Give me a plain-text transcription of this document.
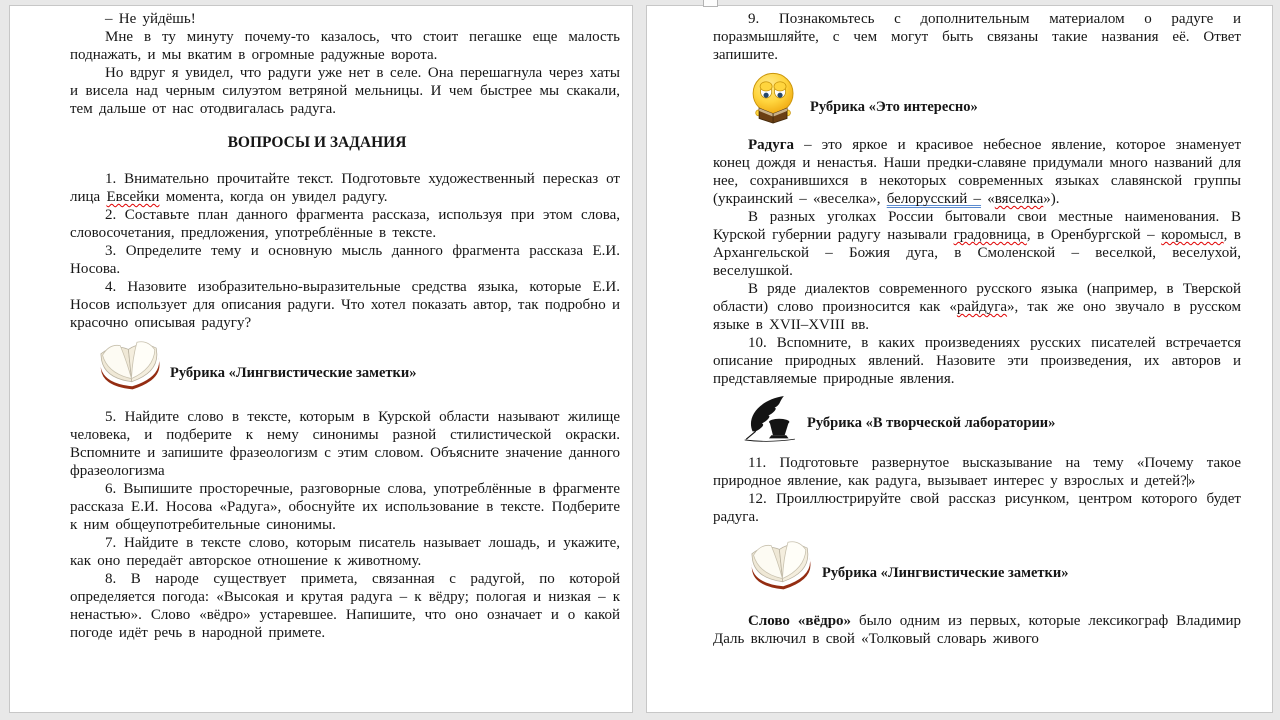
– Не уйдёшь!

Мне в ту минуту почему-то казалось, что стоит пегашке еще малость поднажать, и мы вкатим в огромные радужные ворота.

Но вдруг я увидел, что радуги уже нет в селе. Она перешагнула через хаты и висела над черным силуэтом ветряной мельницы. И чем быстрее мы скакали, тем дальше от нас отодвигалась радуга.

ВОПРОСЫ И ЗАДАНИЯ

1. Внимательно прочитайте текст. Подготовьте художественный пересказ от лица Евсейки момента, когда он увидел радугу.

2. Составьте план данного фрагмента рассказа, используя при этом слова, словосочетания, предложения, употреблённые в тексте.

3. Определите тему и основную мысль данного фрагмента рассказа Е.И. Носова.

4. Назовите изобразительно-выразительные средства языка, которые Е.И. Носов использует для описания радуги. Что хотел показать автор, так подробно и красочно описывая радугу?

Рубрика «Лингвистические заметки»

5. Найдите слово в тексте, которым в Курской области называют жилище человека, и подберите к нему синонимы разной стилистической окраски. Вспомните и запишите фразеологизм с этим словом. Объясните значение данного фразеологизма

6. Выпишите просторечные, разговорные слова, употреблённые в фрагменте рассказа Е.И. Носова «Радуга», обоснуйте их использование в тексте. Подберите к ним общеупотребительные синонимы.

7. Найдите в тексте слово, которым писатель называет лошадь, и укажите, как оно передаёт авторское отношение к животному.

8. В народе существует примета, связанная с радугой, по которой определяется погода: «Высокая и крутая радуга – к вёдру; пологая и низкая – к ненастью». Слово «вёдро» устаревшее. Напишите, что оно означает и о какой погоде идёт речь в народной примете.

9. Познакомьтесь с дополнительным материалом о радуге и поразмышляйте, с чем могут быть связаны такие названия её. Ответ запишите.

Рубрика «Это интересно»

Радуга – это яркое и красивое небесное явление, которое знаменует конец дождя и ненастья. Наши предки-славяне придумали много названий для нее, сохранившихся в некоторых современных языках славянской группы (украинский – «веселка», белорусский – «вяселка»).

В разных уголках России бытовали свои местные наименования. В Курской губернии радугу называли градовница, в Оренбургской – коромысл, в Архангельской – Божия дуга, в Смоленской – веселкой, веселухой, веселушкой.

В ряде диалектов современного русского языка (например, в Тверской области) слово произносится как «райдуга», так же оно звучало в русском языке в XVII–XVIII вв.

10. Вспомните, в каких произведениях русских писателей встречается описание природных явлений. Назовите эти произведения, их авторов и представляемые природные явления.

Рубрика «В творческой лаборатории»

11. Подготовьте развернутое высказывание на тему «Почему такое природное явление, как радуга, вызывает интерес у взрослых и детей?»

12. Проиллюстрируйте свой рассказ рисунком, центром которого будет радуга.

Рубрика «Лингвистические заметки»

Слово «вёдро» было одним из первых, которые лексикограф Владимир Даль включил в свой «Толковый словарь живого
